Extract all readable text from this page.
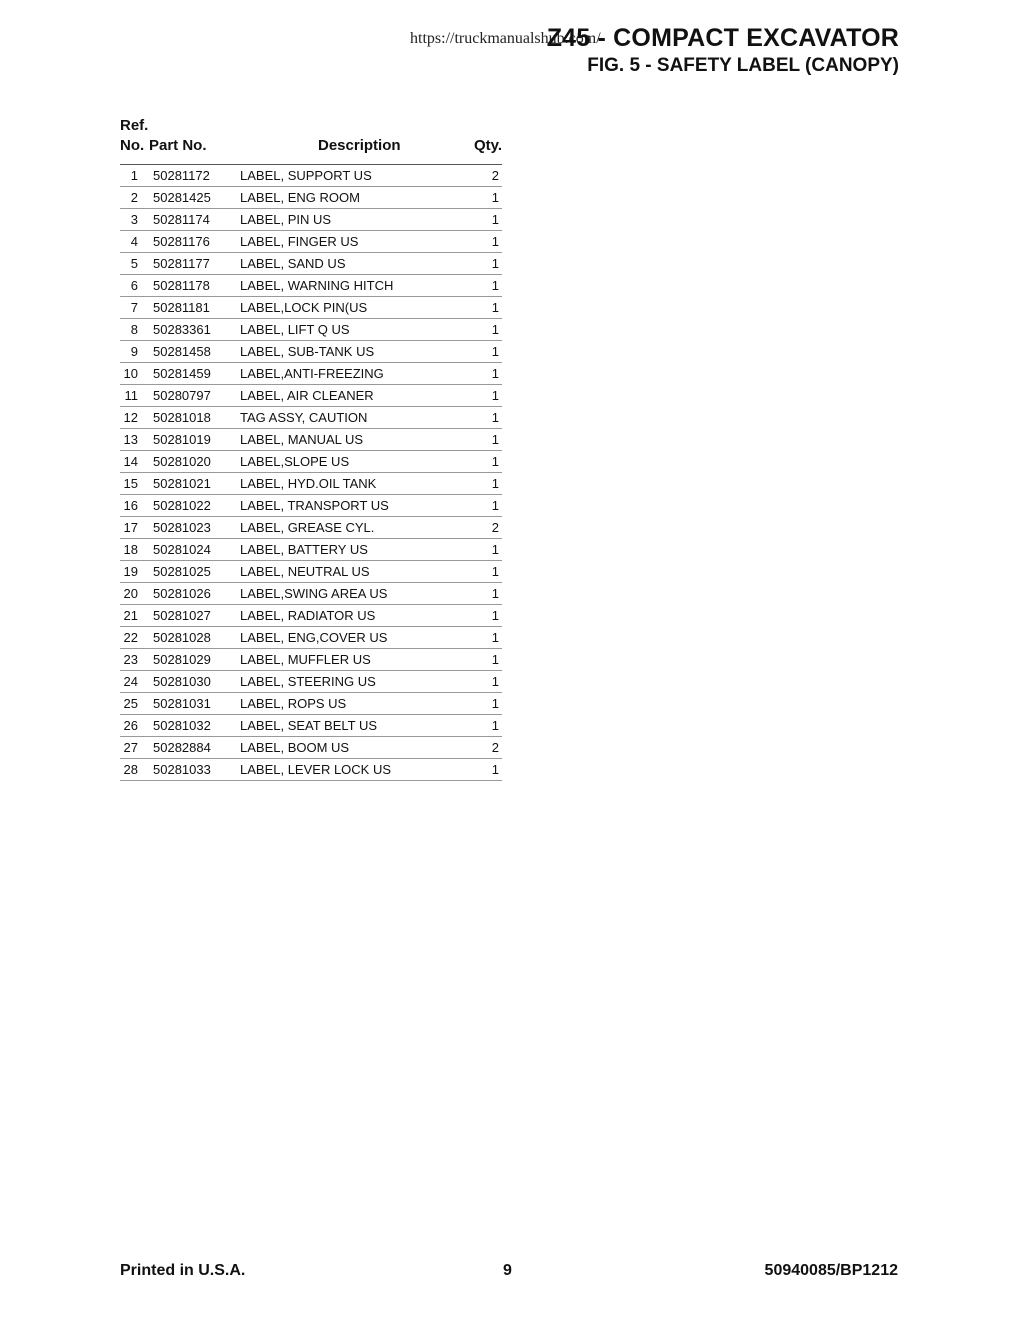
https://truckmanualshub.com/
Z45 - COMPACT EXCAVATOR
FIG. 5 - SAFETY LABEL (CANOPY)
Ref.
No. Part No.	Description	Qty.
1 50281172 LABEL, SUPPORT US	2
2 50281425 LABEL, ENG ROOM	1
3 50281174 LABEL, PIN US	1
4 50281176 LABEL, FINGER US	1
5 50281177 LABEL, SAND US	1
6 50281178 LABEL, WARNING HITCH	1
7 50281181 LABEL,LOCK PIN(US	1
8 50283361 LABEL, LIFT Q US	1
9 50281458 LABEL, SUB-TANK US	1
10 50281459 LABEL,ANTI-FREEZING	1
11 50280797 LABEL, AIR CLEANER	1
12 50281018 TAG ASSY, CAUTION	1
13 50281019 LABEL, MANUAL US	1
14 50281020 LABEL,SLOPE US	1
15 50281021 LABEL, HYD.OIL TANK	1
16 50281022 LABEL, TRANSPORT US	1
17 50281023 LABEL, GREASE CYL.	2
18 50281024 LABEL, BATTERY US	1
19 50281025 LABEL, NEUTRAL US	1
20 50281026 LABEL,SWING AREA US	1
21 50281027 LABEL, RADIATOR US	1
22 50281028 LABEL, ENG,COVER US	1
23 50281029 LABEL, MUFFLER US	1
24 50281030 LABEL, STEERING US	1
25 50281031 LABEL, ROPS US	1
26 50281032 LABEL, SEAT BELT US	1
27 50282884 LABEL, BOOM US	2
28 50281033 LABEL, LEVER LOCK US	1
Printed in U.S.A.	9	50940085/BP1212
